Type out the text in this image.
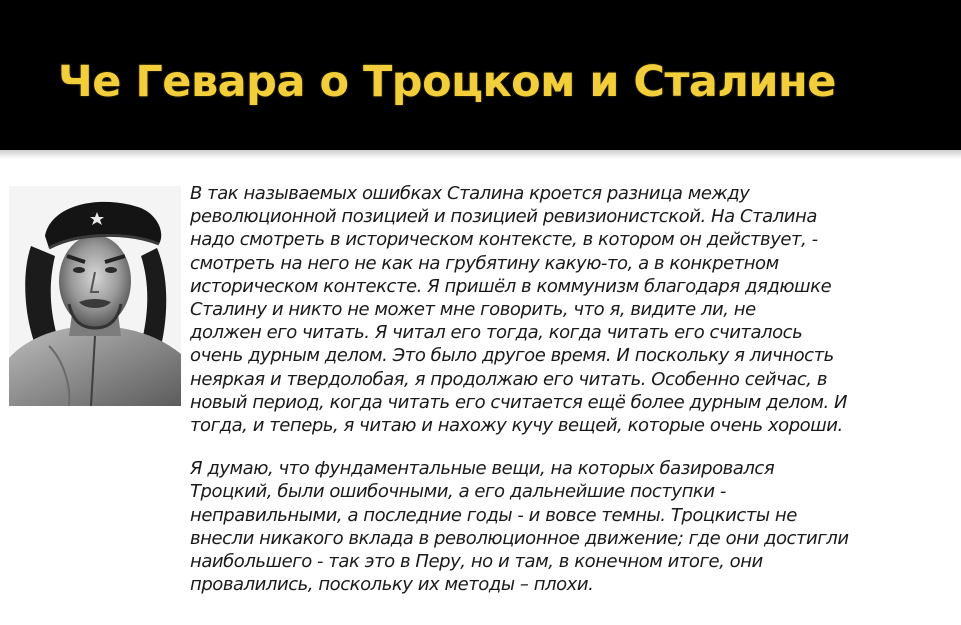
Че Гевара о Троцком и Сталине

В так называемых ошибках Сталина кроется разница между
революционной позицией и позицией ревизионистской. На Сталина
надо смотреть в историческом контексте, в котором он действует, -
смотреть на него не как на грубятину какую-то, а в конкретном
историческом контексте. Я пришёл в коммунизм благодаря дядюшке
Сталину и никто не может мне говорить, что я, видите ли, не
должен его читать. Я читал его тогда, когда читать его считалось
очень дурным делом. Это было другое время. И поскольку я личность
неяркая и твердолобая, я продолжаю его читать. Особенно сейчас, в
новый период, когда читать его считается ещё более дурным делом. И
тогда, и теперь, я читаю и нахожу кучу вещей, которые очень хороши.

Я думаю, что фундаментальные вещи, на которых базировался
Троцкий, были ошибочными, а его дальнейшие поступки -
неправильными, а последние годы - и вовсе темны. Троцкисты не
внесли никакого вклада в революционное движение; где они достигли
наибольшего - так это в Перу, но и там, в конечном итоге, они
провалились, поскольку их методы – плохи.
